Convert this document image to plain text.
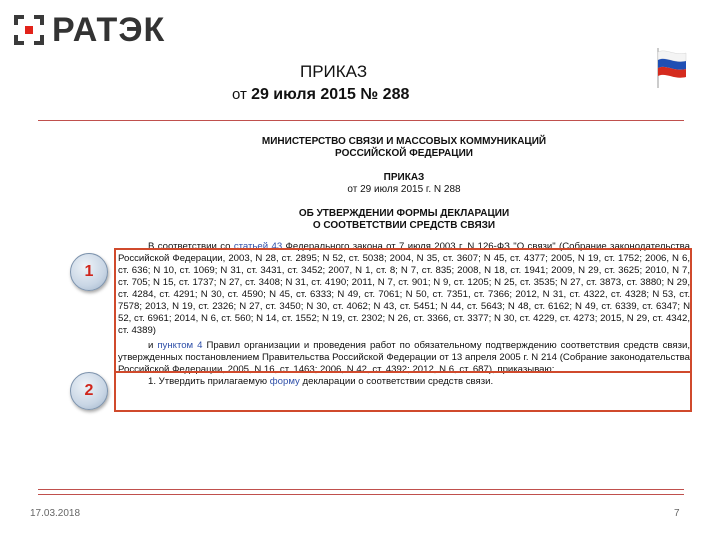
РАТЭК
ПРИКАЗ
от 29 июля 2015 № 288
МИНИСТЕРСТВО СВЯЗИ И МАССОВЫХ КОММУНИКАЦИЙ
РОССИЙСКОЙ ФЕДЕРАЦИИ
ПРИКАЗ
от 29 июля 2015 г. N 288
ОБ УТВЕРЖДЕНИИ ФОРМЫ ДЕКЛАРАЦИИ
О СООТВЕТСТВИИ СРЕДСТВ СВЯЗИ

В соответствии со статьей 43 Федерального закона от 7 июля 2003 г. N 126-ФЗ "О связи" (Собрание законодательства Российской Федерации, 2003, N 28, ст. 2895; N 52, ст. 5038; 2004, N 35, ст. 3607; N 45, ст. 4377; 2005, N 19, ст. 1752; 2006, N 6, ст. 636; N 10, ст. 1069; N 31, ст. 3431, ст. 3452; 2007, N 1, ст. 8; N 7, ст. 835; 2008, N 18, ст. 1941; 2009, N 29, ст. 3625; 2010, N 7, ст. 705; N 15, ст. 1737; N 27, ст. 3408; N 31, ст. 4190; 2011, N 7, ст. 901; N 9, ст. 1205; N 25, ст. 3535; N 27, ст. 3873, ст. 3880; N 29, ст. 4284, ст. 4291; N 30, ст. 4590; N 45, ст. 6333; N 49, ст. 7061; N 50, ст. 7351, ст. 7366; 2012, N 31, ст. 4322, ст. 4328; N 53, ст. 7578; 2013, N 19, ст. 2326; N 27, ст. 3450; N 30, ст. 4062; N 43, ст. 5451; N 44, ст. 5643; N 48, ст. 6162; N 49, ст. 6339, ст. 6347; N 52, ст. 6961; 2014, N 6, ст. 560; N 14, ст. 1552; N 19, ст. 2302; N 26, ст. 3366, ст. 3377; N 30, ст. 4229, ст. 4273; 2015, N 29, ст. 4342, ст. 4389)

и пунктом 4 Правил организации и проведения работ по обязательному подтверждению соответствия средств связи, утвержденных постановлением Правительства Российской Федерации от 13 апреля 2005 г. N 214 (Собрание законодательства Российской Федерации, 2005, N 16, ст. 1463; 2006, N 42, ст. 4392; 2012, N 6, ст. 687), приказываю:

1. Утвердить прилагаемую форму декларации о соответствии средств связи.

1
2
17.03.2018	7
